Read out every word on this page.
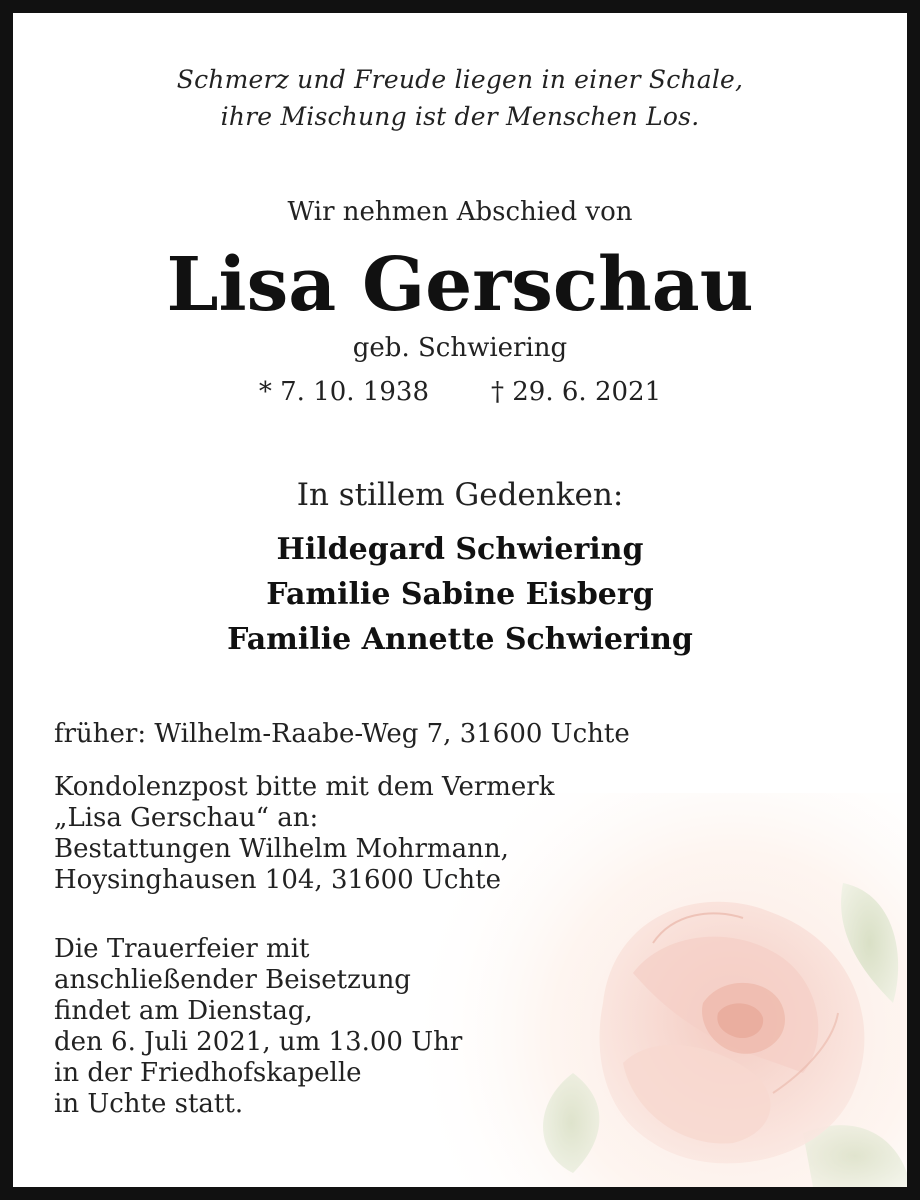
Schmerz und Freude liegen in einer Schale,
ihre Mischung ist der Menschen Los.
Wir nehmen Abschied von
Lisa Gerschau
geb. Schwiering
* 7. 10. 1938 † 29. 6. 2021
In stillem Gedenken:
Hildegard Schwiering
Familie Sabine Eisberg
Familie Annette Schwiering
früher: Wilhelm-Raabe-Weg 7, 31600 Uchte
Kondolenzpost bitte mit dem Vermerk
„Lisa Gerschau“ an:
Bestattungen Wilhelm Mohrmann,
Hoysinghausen 104, 31600 Uchte
Die Trauerfeier mit
anschließender Beisetzung
findet am Dienstag,
den 6. Juli 2021, um 13.00 Uhr
in der Friedhofskapelle
in Uchte statt.
